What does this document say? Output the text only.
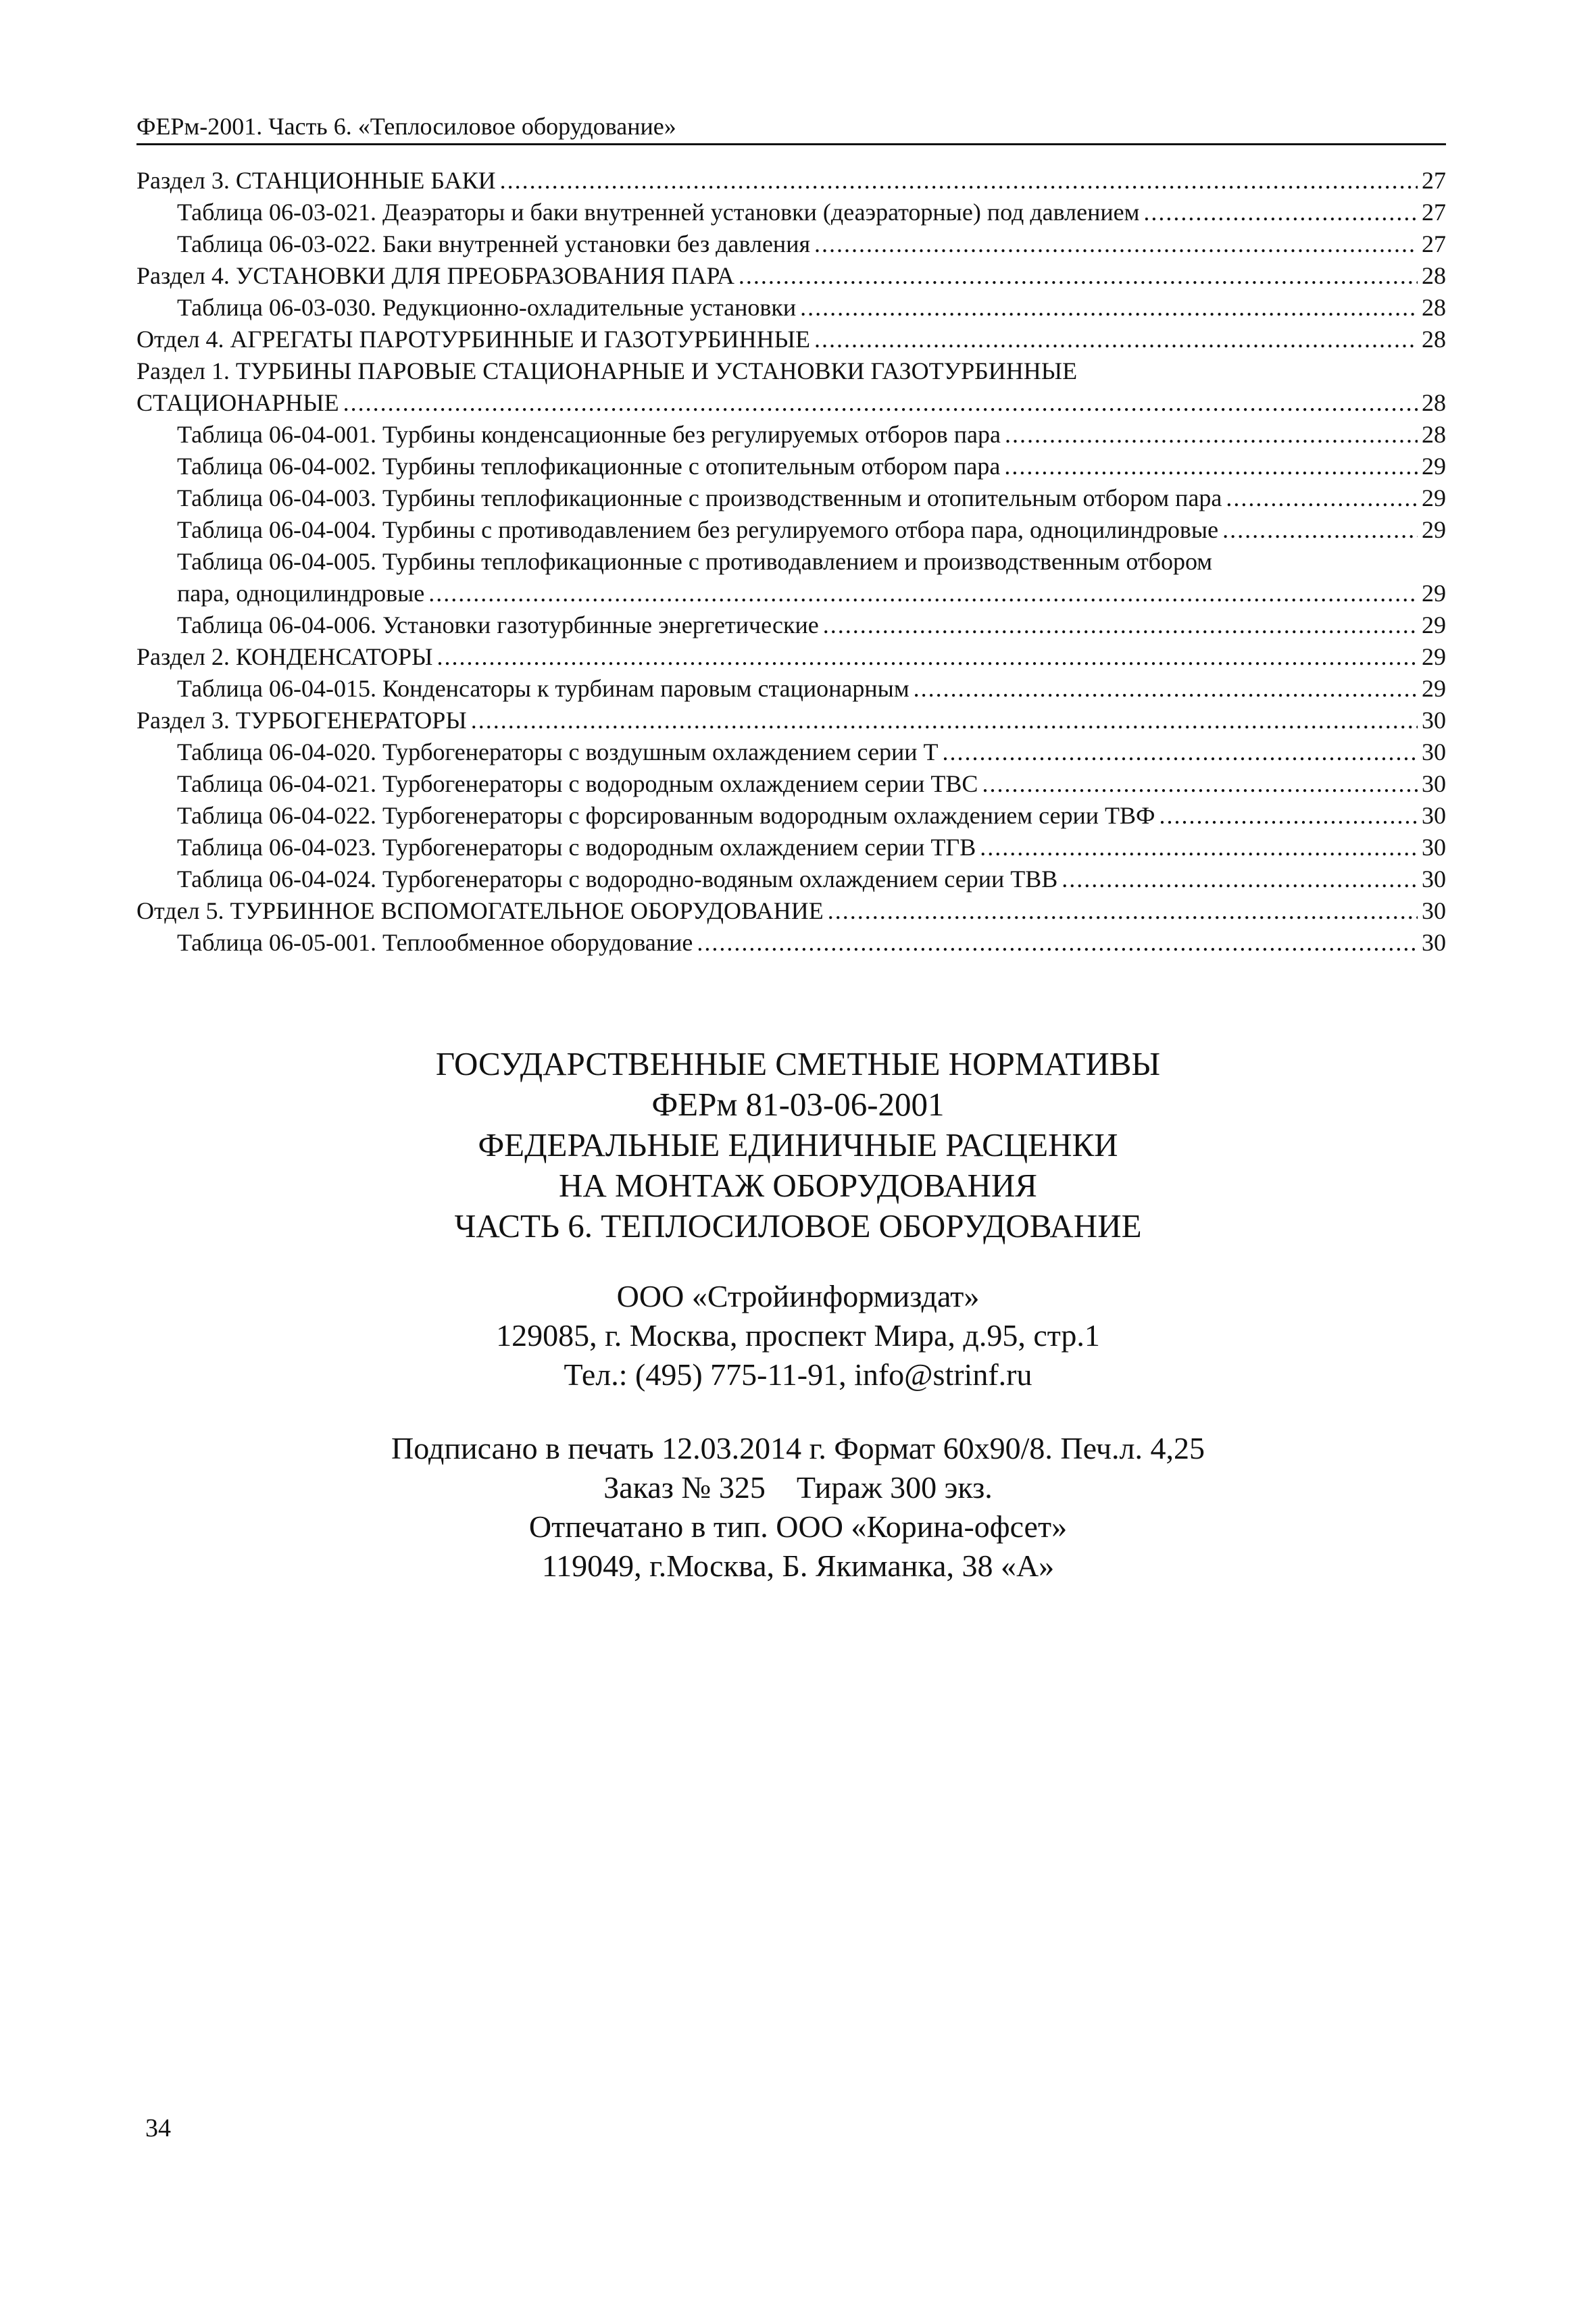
ФЕРм-2001. Часть 6. «Теплосиловое оборудование»
Раздел 3. СТАНЦИОННЫЕ БАКИ .....	27
Таблица 06-03-021. Деаэраторы и баки внутренней установки (деаэраторные) под давлением .....	27
Таблица 06-03-022. Баки внутренней установки без давления .....	27
Раздел 4. УСТАНОВКИ ДЛЯ ПРЕОБРАЗОВАНИЯ ПАРА .....	28
Таблица 06-03-030. Редукционно-охладительные установки .....	28
Отдел 4. АГРЕГАТЫ ПАРОТУРБИННЫЕ И ГАЗОТУРБИННЫЕ .....	28
Раздел 1. ТУРБИНЫ ПАРОВЫЕ СТАЦИОНАРНЫЕ И УСТАНОВКИ ГАЗОТУРБИННЫЕ
СТАЦИОНАРНЫЕ .....	28
Таблица 06-04-001. Турбины конденсационные без регулируемых отборов пара .....	28
Таблица 06-04-002. Турбины теплофикационные с отопительным отбором пара .....	29
Таблица 06-04-003. Турбины теплофикационные с производственным и отопительным отбором пара .....	29
Таблица 06-04-004. Турбины с противодавлением без регулируемого отбора пара, одноцилиндровые .....	29
Таблица 06-04-005. Турбины теплофикационные с противодавлением и производственным отбором
пара, одноцилиндровые .....	29
Таблица 06-04-006. Установки газотурбинные энергетические .....	29
Раздел 2. КОНДЕНСАТОРЫ .....	29
Таблица 06-04-015. Конденсаторы к турбинам паровым стационарным .....	29
Раздел 3. ТУРБОГЕНЕРАТОРЫ .....	30
Таблица 06-04-020. Турбогенераторы с воздушным охлаждением серии Т .....	30
Таблица 06-04-021. Турбогенераторы с водородным охлаждением серии ТВС .....	30
Таблица 06-04-022. Турбогенераторы с форсированным водородным охлаждением серии ТВФ .....	30
Таблица 06-04-023. Турбогенераторы с водородным охлаждением серии ТГВ .....	30
Таблица 06-04-024. Турбогенераторы с водородно-водяным охлаждением серии ТВВ .....	30
Отдел 5. ТУРБИННОЕ ВСПОМОГАТЕЛЬНОЕ ОБОРУДОВАНИЕ .....	30
Таблица 06-05-001. Теплообменное оборудование .....	30
ГОСУДАРСТВЕННЫЕ СМЕТНЫЕ НОРМАТИВЫ
ФЕРм 81-03-06-2001
ФЕДЕРАЛЬНЫЕ ЕДИНИЧНЫЕ РАСЦЕНКИ
НА МОНТАЖ ОБОРУДОВАНИЯ
ЧАСТЬ 6. ТЕПЛОСИЛОВОЕ ОБОРУДОВАНИЕ
ООО «Стройинформиздат»
129085, г. Москва, проспект Мира, д.95, стр.1
Тел.: (495) 775-11-91, info@strinf.ru
Подписано в печать 12.03.2014 г. Формат 60х90/8. Печ.л. 4,25
Заказ № 325    Тираж 300 экз.
Отпечатано в тип. ООО «Корина-офсет»
119049, г.Москва, Б. Якиманка, 38 «А»
34
